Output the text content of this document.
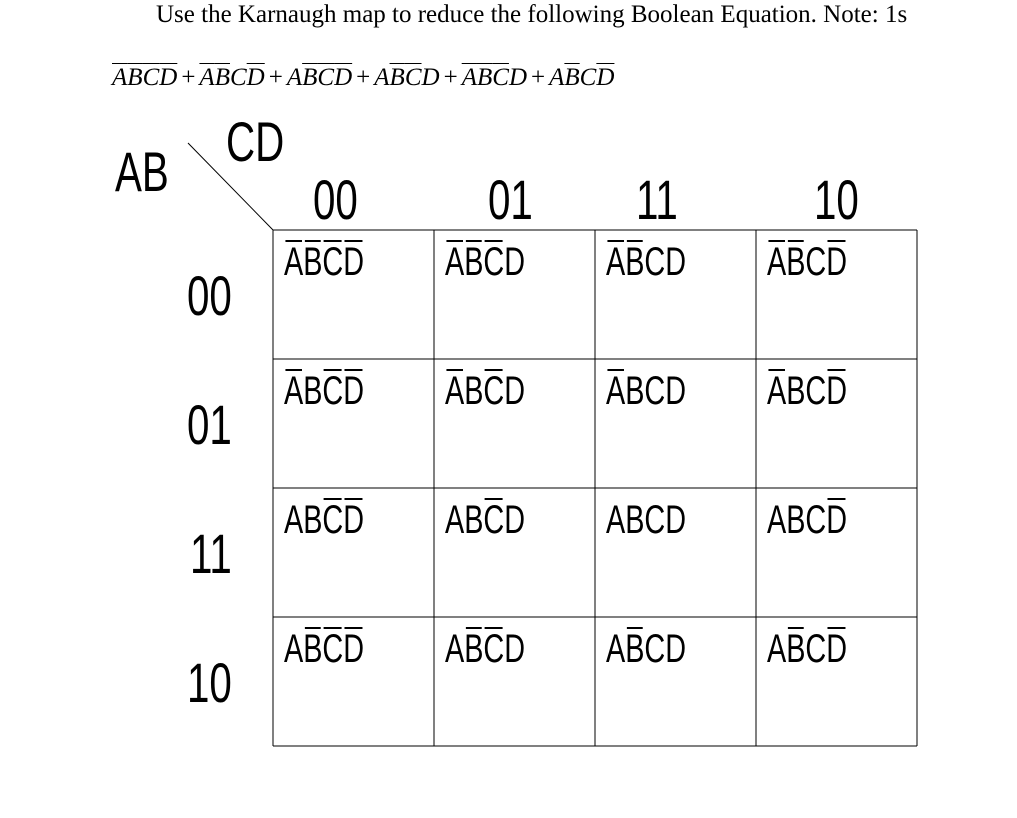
Use the Karnaugh map to reduce the following Boolean Equation. Note: 1s
$\overline{A}\overline{B}\overline{C}\overline{D} + \overline{A}\overline{B}C\overline{D} + A\overline{B}\overline{C}\overline{D} + A\overline{B}\overline{C}D + \overline{A}\overline{B}\overline{C}D + A\overline{B}C\overline{D}$
AB CD
00 01 11 10
00
01
11
10
ABCD ABCD ABCD ABCD
ABCD ABCD ABCD ABCD
ABCD ABCD ABCD ABCD
ABCD ABCD ABCD ABCD
